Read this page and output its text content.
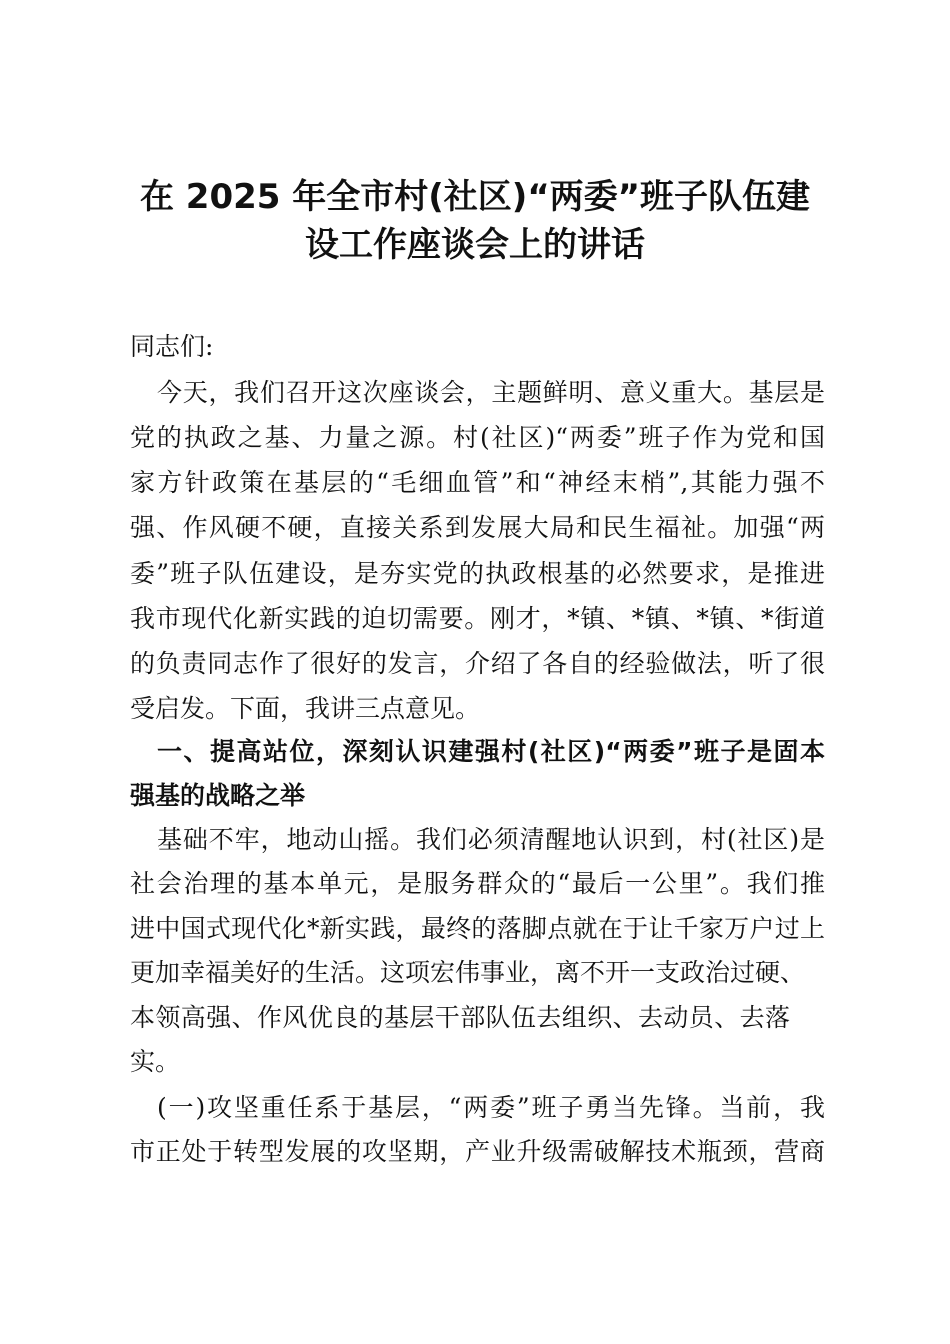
在 2025 年全市村(社区)“两委”班子队伍建
设工作座谈会上的讲话
同志们:
今天，我们召开这次座谈会，主题鲜明、意义重大。基层是
党的执政之基、力量之源。村(社区)“两委”班子作为党和国
家方针政策在基层的“毛细血管”和“神经末梢”,其能力强不
强、作风硬不硬，直接关系到发展大局和民生福祉。加强“两
委”班子队伍建设，是夯实党的执政根基的必然要求，是推进
我市现代化新实践的迫切需要。刚才，*镇、*镇、*镇、*街道
的负责同志作了很好的发言，介绍了各自的经验做法，听了很
受启发。下面，我讲三点意见。
一、提高站位，深刻认识建强村(社区)“两委”班子是固本
强基的战略之举
基础不牢，地动山摇。我们必须清醒地认识到，村(社区)是
社会治理的基本单元，是服务群众的“最后一公里”。我们推
进中国式现代化*新实践，最终的落脚点就在于让千家万户过上
更加幸福美好的生活。这项宏伟事业，离不开一支政治过硬、
本领高强、作风优良的基层干部队伍去组织、去动员、去落
实。
(一)攻坚重任系于基层，“两委”班子勇当先锋。当前，我
市正处于转型发展的攻坚期，产业升级需破解技术瓶颈，营商
